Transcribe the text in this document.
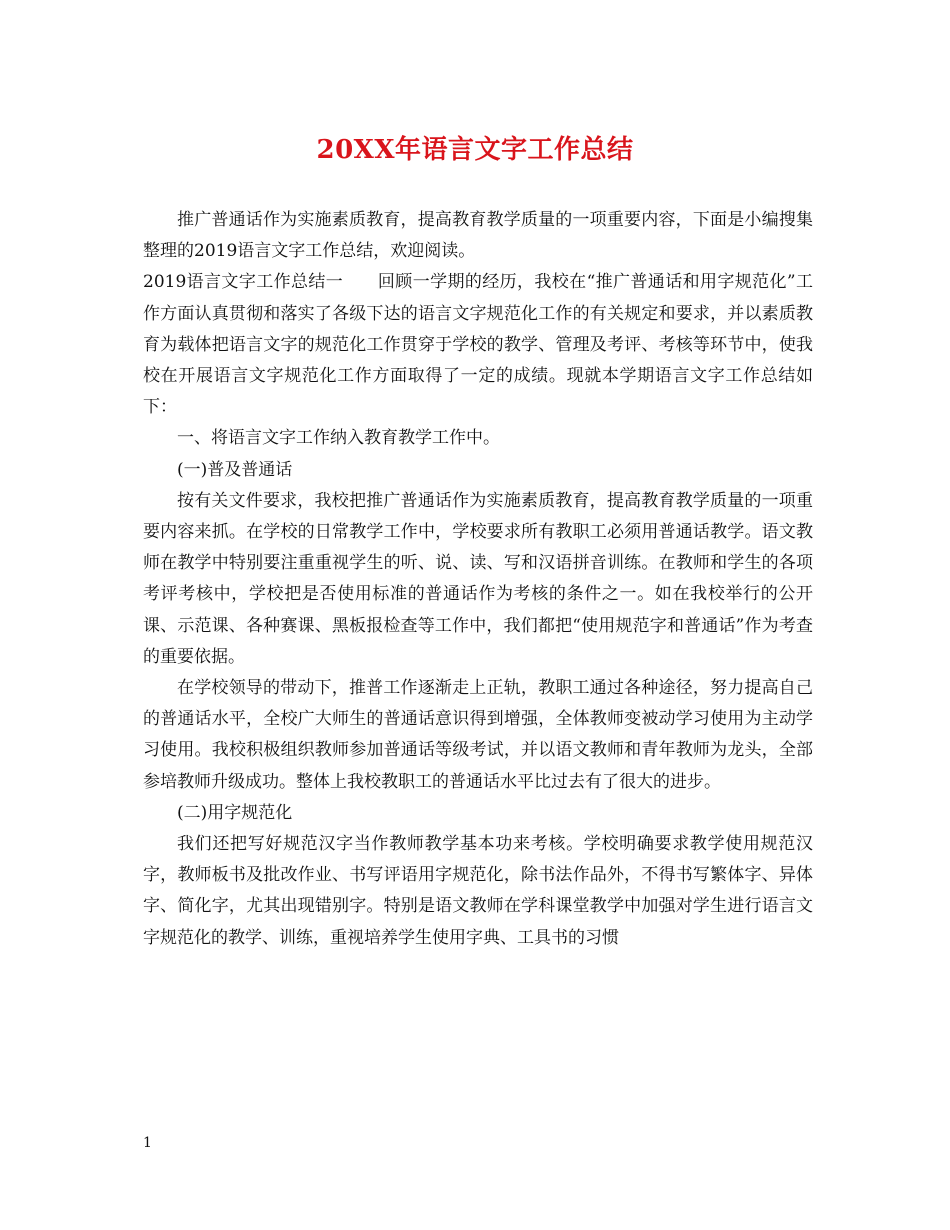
20XX年语言文字工作总结

推广普通话作为实施素质教育，提高教育教学质量的一项重要内容，下面是小编搜集整理的2019语言文字工作总结，欢迎阅读。

2019语言文字工作总结一　　回顾一学期的经历，我校在“推广普通话和用字规范化”工作方面认真贯彻和落实了各级下达的语言文字规范化工作的有关规定和要求，并以素质教育为载体把语言文字的规范化工作贯穿于学校的教学、管理及考评、考核等环节中，使我校在开展语言文字规范化工作方面取得了一定的成绩。现就本学期语言文字工作总结如下：

一、将语言文字工作纳入教育教学工作中。

(一)普及普通话

按有关文件要求，我校把推广普通话作为实施素质教育，提高教育教学质量的一项重要内容来抓。在学校的日常教学工作中，学校要求所有教职工必须用普通话教学。语文教师在教学中特别要注重重视学生的听、说、读、写和汉语拼音训练。在教师和学生的各项考评考核中，学校把是否使用标准的普通话作为考核的条件之一。如在我校举行的公开课、示范课、各种赛课、黑板报检查等工作中，我们都把“使用规范字和普通话”作为考查的重要依据。

在学校领导的带动下，推普工作逐渐走上正轨，教职工通过各种途径，努力提高自己的普通话水平，全校广大师生的普通话意识得到增强，全体教师变被动学习使用为主动学习使用。我校积极组织教师参加普通话等级考试，并以语文教师和青年教师为龙头，全部参培教师升级成功。整体上我校教职工的普通话水平比过去有了很大的进步。

(二)用字规范化

我们还把写好规范汉字当作教师教学基本功来考核。学校明确要求教学使用规范汉字，教师板书及批改作业、书写评语用字规范化，除书法作品外，不得书写繁体字、异体字、简化字，尤其出现错别字。特别是语文教师在学科课堂教学中加强对学生进行语言文字规范化的教学、训练，重视培养学生使用字典、工具书的习惯

1
